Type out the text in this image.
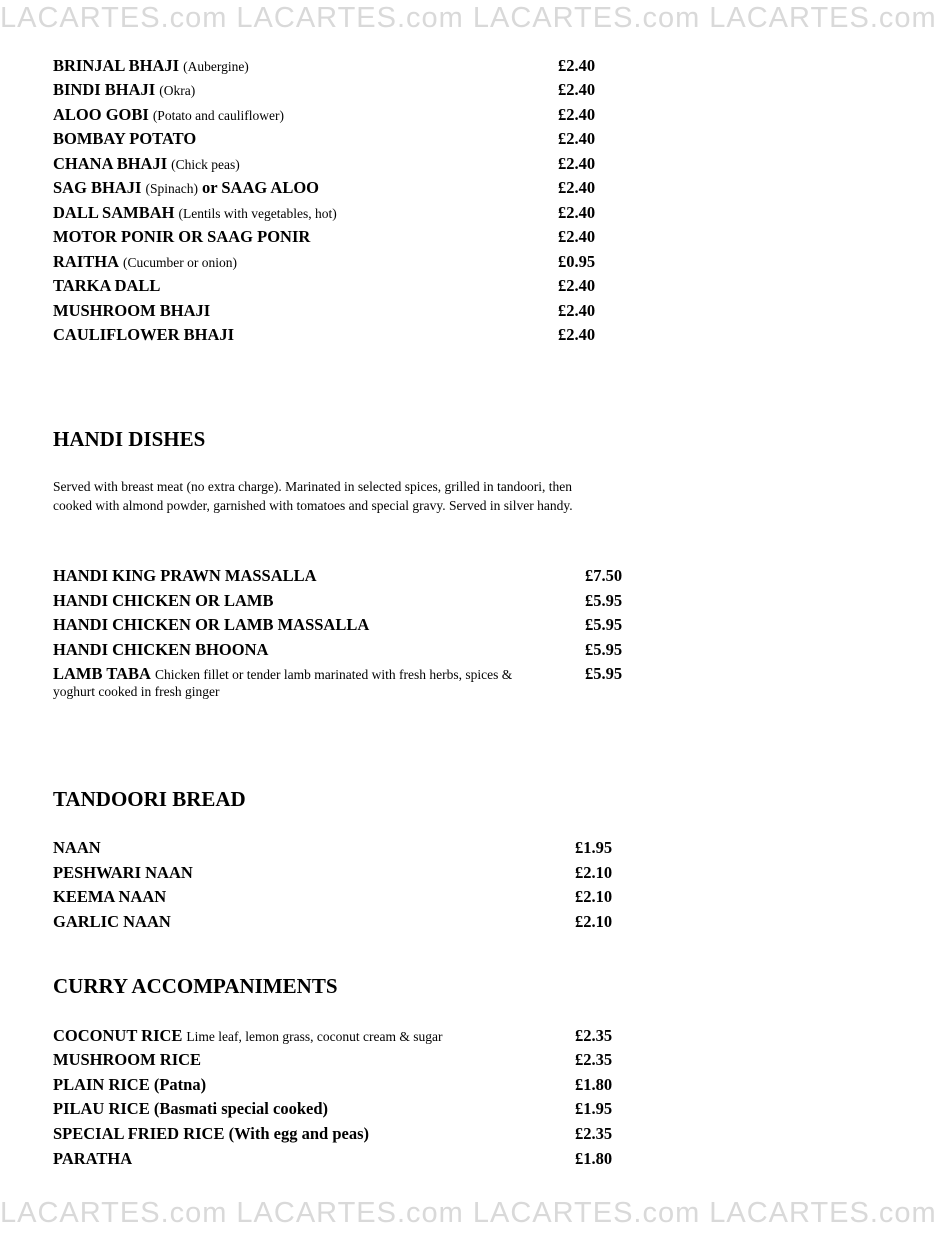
LACARTES.com LACARTES.com LACARTES.com LACARTES.com
BRINJAL BHAJI (Aubergine)	£2.40
BINDI BHAJI (Okra)	£2.40
ALOO GOBI (Potato and cauliflower)	£2.40
BOMBAY POTATO	£2.40
CHANA BHAJI (Chick peas)	£2.40
SAG BHAJI (Spinach) or SAAG ALOO	£2.40
DALL SAMBAH (Lentils with vegetables, hot)	£2.40
MOTOR PONIR OR SAAG PONIR	£2.40
RAITHA (Cucumber or onion)	£0.95
TARKA DALL	£2.40
MUSHROOM BHAJI	£2.40
CAULIFLOWER BHAJI	£2.40
HANDI DISHES
Served with breast meat (no extra charge). Marinated in selected spices, grilled in tandoori, then cooked with almond powder, garnished with tomatoes and special gravy. Served in silver handy.
HANDI KING PRAWN MASSALLA	£7.50
HANDI CHICKEN OR LAMB	£5.95
HANDI CHICKEN OR LAMB MASSALLA	£5.95
HANDI CHICKEN BHOONA	£5.95
LAMB TABA Chicken fillet or tender lamb marinated with fresh herbs, spices &
yoghurt cooked in fresh ginger
£5.95
TANDOORI BREAD
NAAN	£1.95
PESHWARI NAAN	£2.10
KEEMA NAAN	£2.10
GARLIC NAAN	£2.10
CURRY ACCOMPANIMENTS
COCONUT RICE Lime leaf, lemon grass, coconut cream & sugar	£2.35
MUSHROOM RICE	£2.35
PLAIN RICE (Patna)	£1.80
PILAU RICE (Basmati special cooked)	£1.95
SPECIAL FRIED RICE (With egg and peas)	£2.35
PARATHA	£1.80
LACARTES.com LACARTES.com LACARTES.com LACARTES.com
